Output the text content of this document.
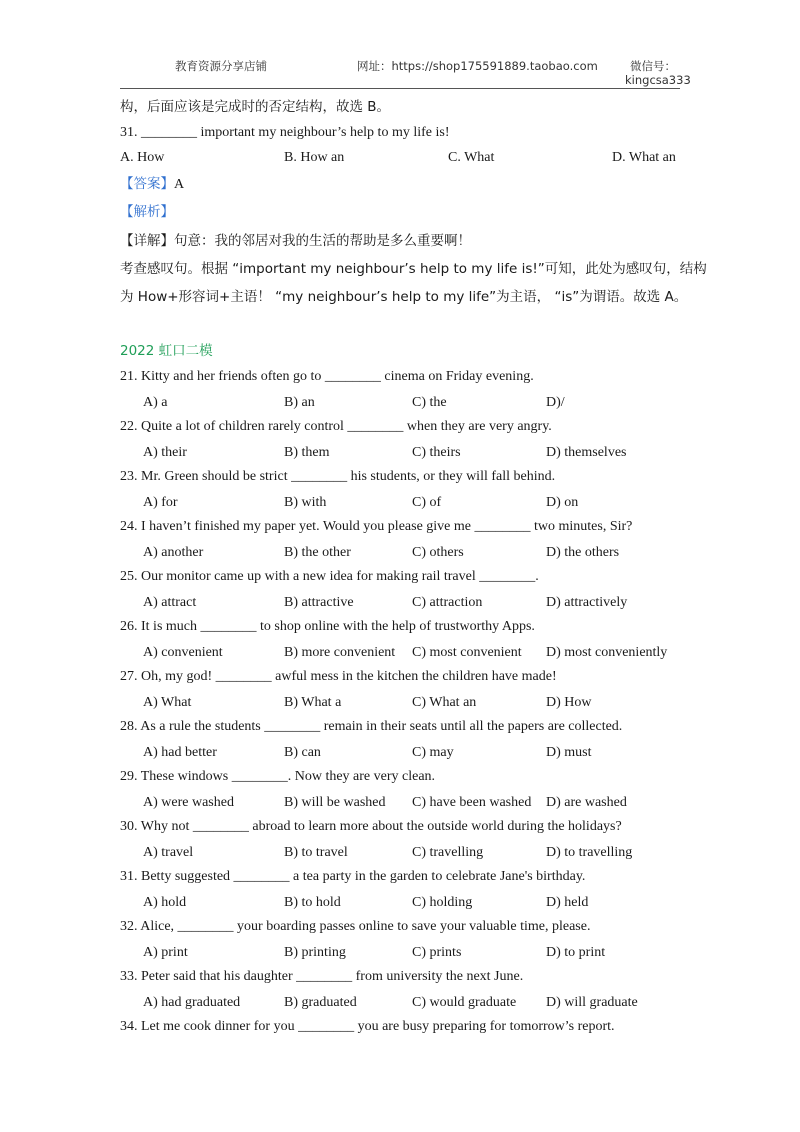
教育资源分享店铺	网址：https://shop175591889.taobao.com	微信号：
kingcsa333
构，后面应该是完成时的否定结构，故选 B。
31. ________ important my neighbour’s help to my life is!
A. How	B. How an	C. What	D. What an
【答案】A
【解析】
【详解】句意：我的邻居对我的生活的帮助是多么重要啊！
考查感叹句。根据 “important my neighbour’s help to my life is!”可知，此处为感叹句，结构
为 How+形容词+主语！ “my neighbour’s help to my life”为主语， “is”为谓语。故选 A。
2022 虹口二模
21. Kitty and her friends often go to ________ cinema on Friday evening.
A) a	B) an	C) the	D)/
22. Quite a lot of children rarely control ________ when they are very angry.
A) their	B) them	C) theirs	D) themselves
23. Mr. Green should be strict ________ his students, or they will fall behind.
A) for	B) with	C) of	D) on
24. I haven’t finished my paper yet. Would you please give me ________ two minutes, Sir?
A) another	B) the other	C) others	D) the others
25. Our monitor came up with a new idea for making rail travel ________.
A) attract	B) attractive	C) attraction	D) attractively
26. It is much ________ to shop online with the help of trustworthy Apps.
A) convenient	B) more convenient C) most convenient D) most conveniently
27. Oh, my god! ________ awful mess in the kitchen the children have made!
A) What	B) What a	C) What an	D) How
28. As a rule the students ________ remain in their seats until all the papers are collected.
A) had better	B) can	C) may	D) must
29. These windows ________. Now they are very clean.
A) were washed	B) will be washed C) have been washed D) are washed
30. Why not ________ abroad to learn more about the outside world during the holidays?
A) travel	B) to travel	C) travelling	D) to travelling
31. Betty suggested ________ a tea party in the garden to celebrate Jane's birthday.
A) hold	B) to hold	C) holding	D) held
32. Alice, ________ your boarding passes online to save your valuable time, please.
A) print	B) printing	C) prints	D) to print
33. Peter said that his daughter ________ from university the next June.
A) had graduated	B) graduated	C) would graduate D) will graduate
34. Let me cook dinner for you ________ you are busy preparing for tomorrow’s report.
